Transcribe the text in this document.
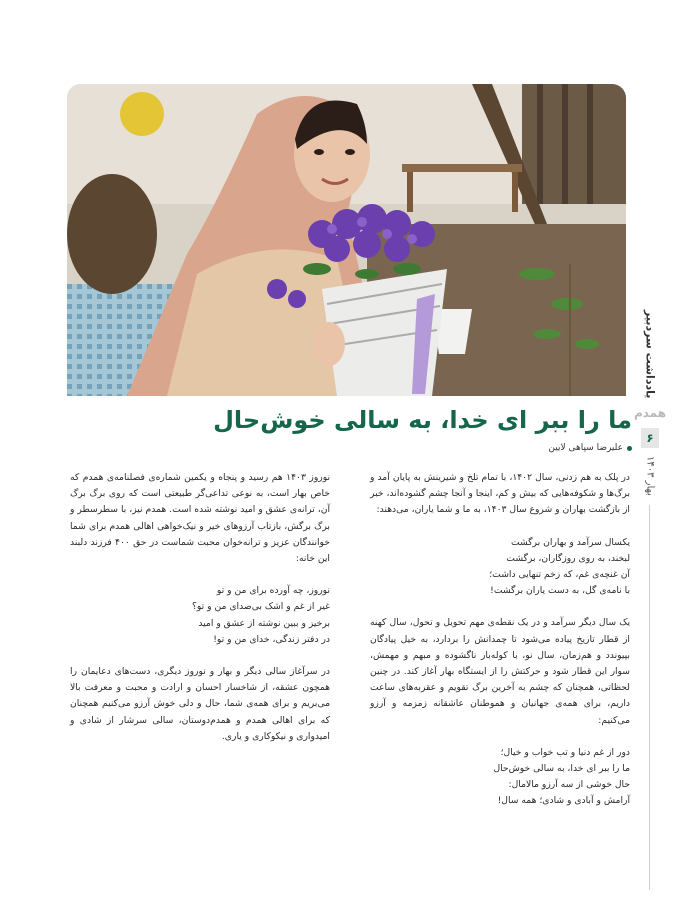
یادداشت سردبیر
همدم
۶
بهار ۱۴۰۳
ما را ببر ای خدا، به سالی خوش‌حال
علیرضا سپاهی لایین

در پلک به هم زدنی، سال ۱۴۰۲، با تمام تلخ و شیرینش به پایان آمد و برگ‌ها و شکوفه‌هایی که بیش و کم، اینجا و آنجا چشم گشوده‌اند، خبر از بازگشت بهاران و شروع سال ۱۴۰۳، به ما و شما یاران، می‌دهند:

یکسال سرآمد و بهاران برگشت
لبخند، به روی روزگاران، برگشت
آن غنچه‌ی غم، که زخم تنهایی داشت؛
با نامه‌ی گل، به دست یاران برگشت!

یک سال دیگر سرآمد و در یک نقطه‌ی مهم تحویل و تحول، سال کهنه از قطار تاریخ پیاده می‌شود تا چمدانش را بردارد، به خیل پیادگان بپیوندد و هم‌زمان، سال نو، با کوله‌بار ناگشوده و مبهم و مهمش، سوار این قطار شود و حرکتش را از ایستگاه بهار آغاز کند. در چنین لحظاتی، همچنان که چشم به آخرین برگ تقویم و عقربه‌های ساعت داریم، برای همه‌ی جهانیان و هموطنان عاشقانه زمزمه و آرزو می‌کنیم:

دور از غم دنیا و تب خواب و خیال؛
ما را ببر ای خدا، به سالی خوش‌حال
حال خوشی از سه آرزو مالامال:
آرامش و آبادی و شادی؛ همه سال!

نوروز ۱۴۰۳ هم رسید و پنجاه و یکمین شماره‌ی فصلنامه‌ی همدم که خاص بهار است، به نوعی تداعی‌گر طبیعتی است که روی برگ برگ آن، ترانه‌ی عشق و امید نوشته شده است. همدم نیز، با سطرسطر و برگ برگش، بازتاب آرزوهای خیر و نیک‌خواهی اهالی همدم برای شما خوانندگان عزیز و ترانه‌خوان محبت شماست در حق ۴۰۰ فرزند دلبند این خانه:

نوروز، چه آورده برای من و تو
غیر از غم و اشک بی‌صدای من و تو؟
برخیز و ببین نوشته از عشق و امید
در دفتر زندگی، خدای من و تو!

در سرآغاز سالی دیگر و بهار و نوروز دیگری، دست‌های دعایمان را همچون عشقه، از شاخسار احسان و ارادت و محبت و معرفت بالا می‌بریم و برای همه‌ی شما، حال و دلی خوش آرزو می‌کنیم همچنان که برای اهالی همدم و همدم‌دوستان، سالی سرشار از شادی و امیدواری و نیکوکاری و یاری.
